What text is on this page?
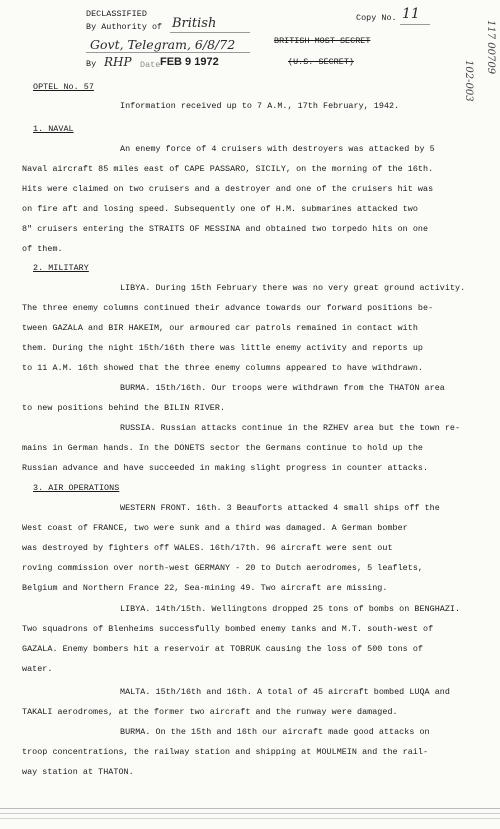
DECLASSIFIED
By Authority of British
Govt, Telegram, 6/8/72
By RHP Date FEB 9 1972
Copy No. 11
BRITISH MOST SECRET
(U.S. SECRET)	117 00709
102-003
OPTEL No. 57
Information received up to 7 A.M., 17th February, 1942.
1. NAVAL
An enemy force of 4 cruisers with destroyers was attacked by 5
Naval aircraft 85 miles east of CAPE PASSARO, SICILY, on the morning of the 16th.
Hits were claimed on two cruisers and a destroyer and one of the cruisers hit was
on fire aft and losing speed. Subsequently one of H.M. submarines attacked two
8" cruisers entering the STRAITS OF MESSINA and obtained two torpedo hits on one
of them.
2. MILITARY
LIBYA. During 15th February there was no very great ground activity.
The three enemy columns continued their advance towards our forward positions be-
tween GAZALA and BIR HAKEIM, our armoured car patrols remained in contact with
them. During the night 15th/16th there was little enemy activity and reports up
to 11 A.M. 16th showed that the three enemy columns appeared to have withdrawn.
BURMA. 15th/16th. Our troops were withdrawn from the THATON area
to new positions behind the BILIN RIVER.
RUSSIA. Russian attacks continue in the RZHEV area but the town re-
mains in German hands. In the DONETS sector the Germans continue to hold up the
Russian advance and have succeeded in making slight progress in counter attacks.
3. AIR OPERATIONS
WESTERN FRONT. 16th. 3 Beauforts attacked 4 small ships off the
West coast of FRANCE, two were sunk and a third was damaged. A German bomber
was destroyed by fighters off WALES. 16th/17th. 96 aircraft were sent out
roving commission over north-west GERMANY - 20 to Dutch aerodromes, 5 leaflets,
Belgium and Northern France 22, Sea-mining 49. Two aircraft are missing.
LIBYA. 14th/15th. Wellingtons dropped 25 tons of bombs on BENGHAZI.
Two squadrons of Blenheims successfully bombed enemy tanks and M.T. south-west of
GAZALA. Enemy bombers hit a reservoir at TOBRUK causing the loss of 500 tons of
water.
MALTA. 15th/16th and 16th. A total of 45 aircraft bombed LUQA and
TAKALI aerodromes, at the former two aircraft and the runway were damaged.
BURMA. On the 15th and 16th our aircraft made good attacks on
troop concentrations, the railway station and shipping at MOULMEIN and the rail-
way station at THATON.
